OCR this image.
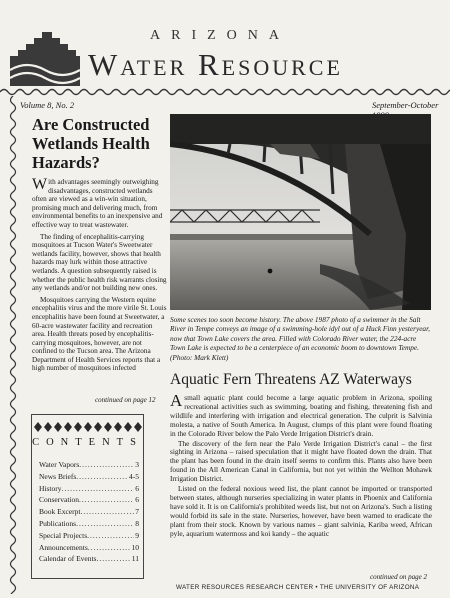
ARIZONA
Water Resource
Volume 8, No. 2	September-October
Are Constructed Wetlands Health Hazards?

With advantages seemingly outweighing disadvantages, constructed wetlands often are viewed as a win-win situation, promising much and delivering much, from environmental benefits to an inexpensive and effective way to treat wastewater.

The finding of encephalitis-carrying mosquitoes at Tucson Water's Sweetwater wetlands facility, however, shows that health hazards may lurk within those attractive wetlands. A question subsequently raised is whether the public health risk warrants closing any wetlands and/or not building new ones.

Mosquitoes carrying the Western equine encephalitis virus and the more virile St. Louis encephalitis have been found at Sweetwater, a 60-acre wastewater facility and recreation area. Health threats posed by encephalitis-carrying mosquitoes, however, are not confined to the Tucson area. The Arizona Department of Health Services reports that a high number of mosquitoes infected

continued on page 12
CONTENTS
Water Vapors .....	3
News Briefs .....	4-5
History .....	6
Conservation .....	6
Book Excerpt .....	7
Publications .....	8
Special Projects .....	9
Announcements .....	10
Calendar of Events .....	11
Some scenes too soon become history. The above 1987 photo of a swimmer in the Salt River in Tempe conveys an image of a swimming-hole idyl out of a Huck Finn yesteryear, now that Town Lake covers the area. Filled with Colorado River water, the 224-acre Town Lake is expected to be a centerpiece of an economic boom to downtown Tempe. (Photo: Mark Klett)
Aquatic Fern Threatens AZ Waterways

A small aquatic plant could become a large aquatic problem in Arizona, spoiling recreational activities such as swimming, boating and fishing, threatening fish and wildlife and interfering with irrigation and electrical generation. The culprit is Salvinia molesta, a native of South America. In August, clumps of this plant were found floating in the Colorado River below the Palo Verde Irrigation District's drain.

The discovery of the fern near the Palo Verde Irrigation District's canal – the first sighting in Arizona – raised speculation that it might have floated down the drain. That the plant has been found in the drain itself seems to confirm this. Plants also have been found in the All American Canal in California, but not yet within the Wellton Mohawk Irrigation District.

Listed on the federal noxious weed list, the plant cannot be imported or transported between states, although nurseries specializing in water plants in Phoenix and California have sold it. It is on California's prohibited weeds list, but not on Arizona's. Such a listing would forbid its sale in the state. Nurseries, however, have been warned to eradicate the plant from their stock. Known by various names – giant salvinia, Kariba weed, African pyle, aquarium watermoss and koi kandy – the aquatic

continued on page 2
WATER RESOURCES RESEARCH CENTER • THE UNIVERSITY OF ARIZONA
